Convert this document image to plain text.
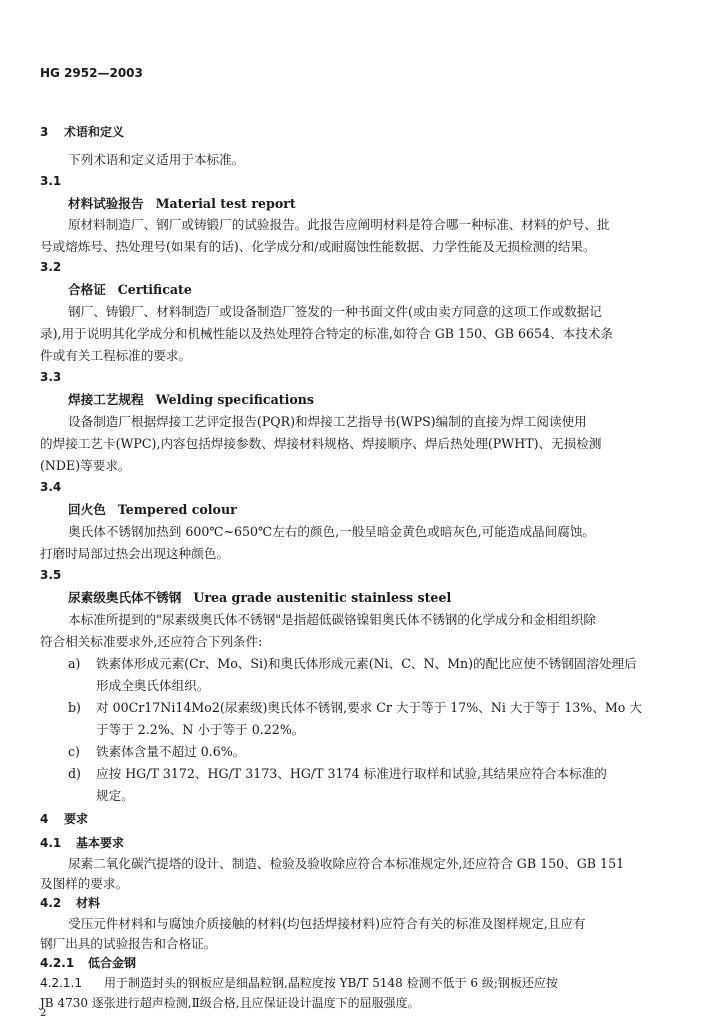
HG 2952—2003
3 术语和定义
下列术语和定义适用于本标准。
3.1
材料试验报告 Material test report
原材料制造厂、钢厂或铸锻厂的试验报告。此报告应阐明材料是符合哪一种标准、材料的炉号、批
号或熔炼号、热处理号(如果有的话)、化学成分和/或耐腐蚀性能数据、力学性能及无损检测的结果。
3.2
合格证 Certificate
钢厂、铸锻厂、材料制造厂或设备制造厂签发的一种书面文件(或由卖方同意的这项工作或数据记
录),用于说明其化学成分和机械性能以及热处理符合特定的标准,如符合 GB 150、GB 6654、本技术条
件或有关工程标准的要求。
3.3
焊接工艺规程 Welding specifications
设备制造厂根据焊接工艺评定报告(PQR)和焊接工艺指导书(WPS)编制的直接为焊工阅读使用
的焊接工艺卡(WPC),内容包括焊接参数、焊接材料规格、焊接顺序、焊后热处理(PWHT)、无损检测
(NDE)等要求。
3.4
回火色 Tempered colour
奥氏体不锈钢加热到 600℃~650℃左右的颜色,一般呈暗金黄色或暗灰色,可能造成晶间腐蚀。
打磨时局部过热会出现这种颜色。
3.5
尿素级奥氏体不锈钢 Urea grade austenitic stainless steel
本标准所提到的"尿素级奥氏体不锈钢"是指超低碳铬镍钼奥氏体不锈钢的化学成分和金相组织除
符合相关标准要求外,还应符合下列条件:
a) 铁素体形成元素(Cr、Mo、Si)和奥氏体形成元素(Ni、C、N、Mn)的配比应使不锈钢固溶处理后
形成全奥氏体组织。
b) 对 00Cr17Ni14Mo2(尿素级)奥氏体不锈钢,要求 Cr 大于等于 17%、Ni 大于等于 13%、Mo 大
于等于 2.2%、N 小于等于 0.22%。
c) 铁素体含量不超过 0.6%。
d) 应按 HG/T 3172、HG/T 3173、HG/T 3174 标准进行取样和试验,其结果应符合本标准的
规定。
4 要求
4.1 基本要求
尿素二氧化碳汽提塔的设计、制造、检验及验收除应符合本标准规定外,还应符合 GB 150、GB 151
及图样的要求。
4.2 材料
受压元件材料和与腐蚀介质接触的材料(均包括焊接材料)应符合有关的标准及图样规定,且应有
钢厂出具的试验报告和合格证。
4.2.1 低合金钢
4.2.1.1 用于制造封头的钢板应是细晶粒钢,晶粒度按 YB/T 5148 检测不低于 6 级;钢板还应按
JB 4730 逐张进行超声检测,Ⅱ级合格,且应保证设计温度下的屈服强度。
2
